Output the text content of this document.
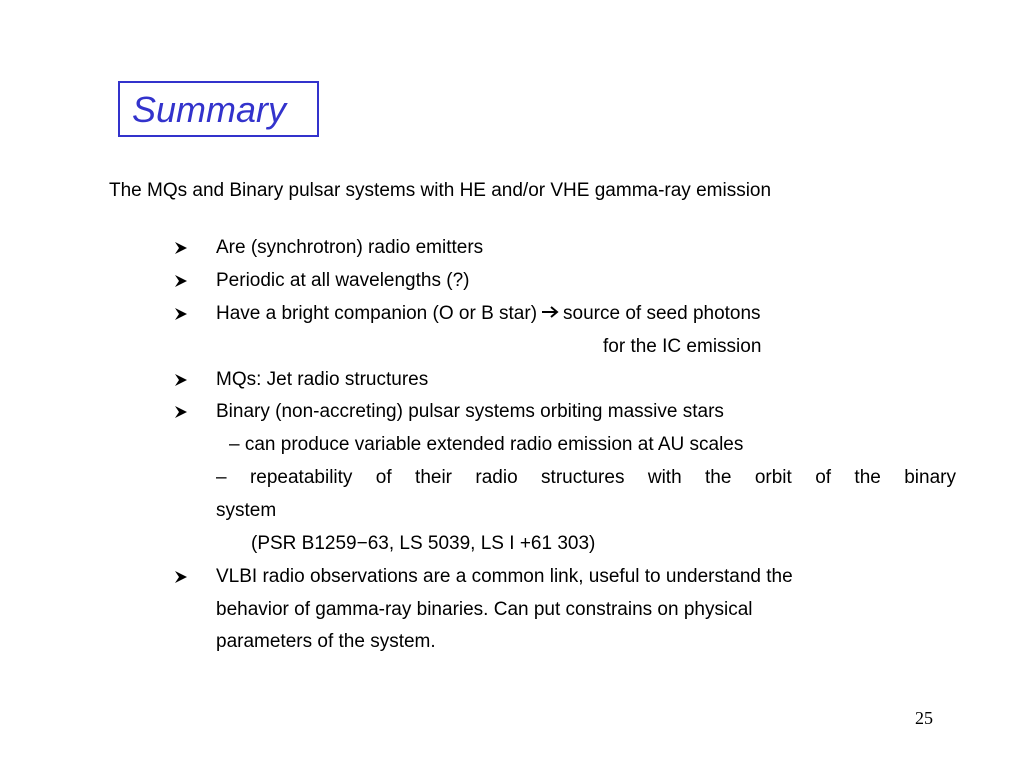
Summary
The MQs and Binary pulsar systems with HE and/or VHE gamma-ray emission
Are (synchrotron) radio emitters
Periodic at all wavelengths (?)
Have a bright companion (O or B star) source of seed photons
for the IC emission
MQs: Jet radio structures
Binary (non-accreting) pulsar systems orbiting massive stars
– can produce variable extended radio emission at AU scales
– repeatability of their radio structures with the orbit of the binary
system
(PSR B1259−63, LS 5039, LS I +61 303)
VLBI radio observations are a common link, useful to understand the
behavior of gamma-ray binaries. Can put constrains on physical
parameters of the system.
25
